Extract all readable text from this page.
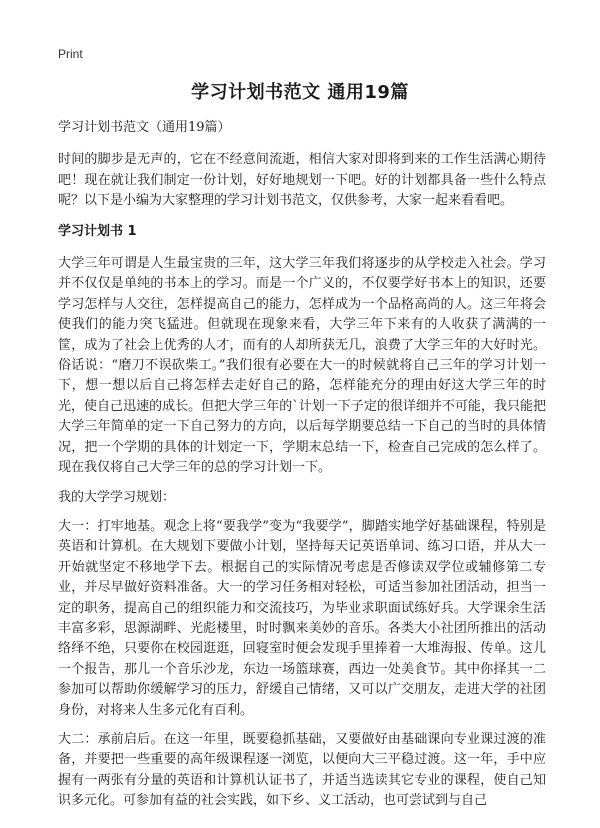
Print
学习计划书范文 通用19篇

学习计划书范文（通用19篇）

时间的脚步是无声的，它在不经意间流逝，相信大家对即将到来的工作生活满心期待吧！现在就让我们制定一份计划，好好地规划一下吧。好的计划都具备一些什么特点呢？以下是小编为大家整理的学习计划书范文，仅供参考，大家一起来看看吧。

学习计划书 1

大学三年可谓是人生最宝贵的三年，这大学三年我们将逐步的从学校走入社会。学习并不仅仅是单纯的书本上的学习。而是一个广义的，不仅要学好书本上的知识，还要学习怎样与人交往，怎样提高自己的能力，怎样成为一个品格高尚的人。这三年将会使我们的能力突飞猛进。但就现在现象来看，大学三年下来有的人收获了满满的一筐，成为了社会上优秀的人才，而有的人却所获无几，浪费了大学三年的大好时光。俗话说：“磨刀不误砍柴工。”我们很有必要在大一的时候就将自己三年的学习计划一下，想一想以后自己将怎样去走好自己的路，怎样能充分的理由好这大学三年的时光，使自己迅速的成长。但把大学三年的`计划一下子定的很详细并不可能，我只能把大学三年简单的定一下自己努力的方向，以后每学期要总结一下自己的当时的具体情况，把一个学期的具体的计划定一下，学期末总结一下，检查自己完成的怎么样了。现在我仅将自己大学三年的总的学习计划一下。

我的大学学习规划：

大一：打牢地基。观念上将“要我学”变为“我要学”，脚踏实地学好基础课程，特别是英语和计算机。在大规划下要做小计划，坚持每天记英语单词、练习口语，并从大一开始就坚定不移地学下去。根据自己的实际情况考虑是否修读双学位或辅修第二专业，并尽早做好资料准备。大一的学习任务相对轻松，可适当参加社团活动，担当一定的职务，提高自己的组织能力和交流技巧，为毕业求职面试练好兵。大学课余生活丰富多彩，思源湖畔、光彪楼里，时时飘来美妙的音乐。各类大小社团所推出的活动络绎不绝，只要你在校园逛逛，回寝室时便会发现手里捧着一大堆海报、传单。这儿一个报告，那儿一个音乐沙龙，东边一场篮球赛，西边一处美食节。其中你择其一二参加可以帮助你缓解学习的压力，舒缓自己情绪，又可以广交朋友，走进大学的社团身份，对将来人生多元化有百利。

大二：承前启后。在这一年里，既要稳抓基础，又要做好由基础课向专业课过渡的准备，并要把一些重要的高年级课程逐一浏览，以便向大三平稳过渡。这一年，手中应握有一两张有分量的英语和计算机认证书了，并适当选读其它专业的课程，使自己知识多元化。可参加有益的社会实践，如下乡、义工活动，也可尝试到与自己
